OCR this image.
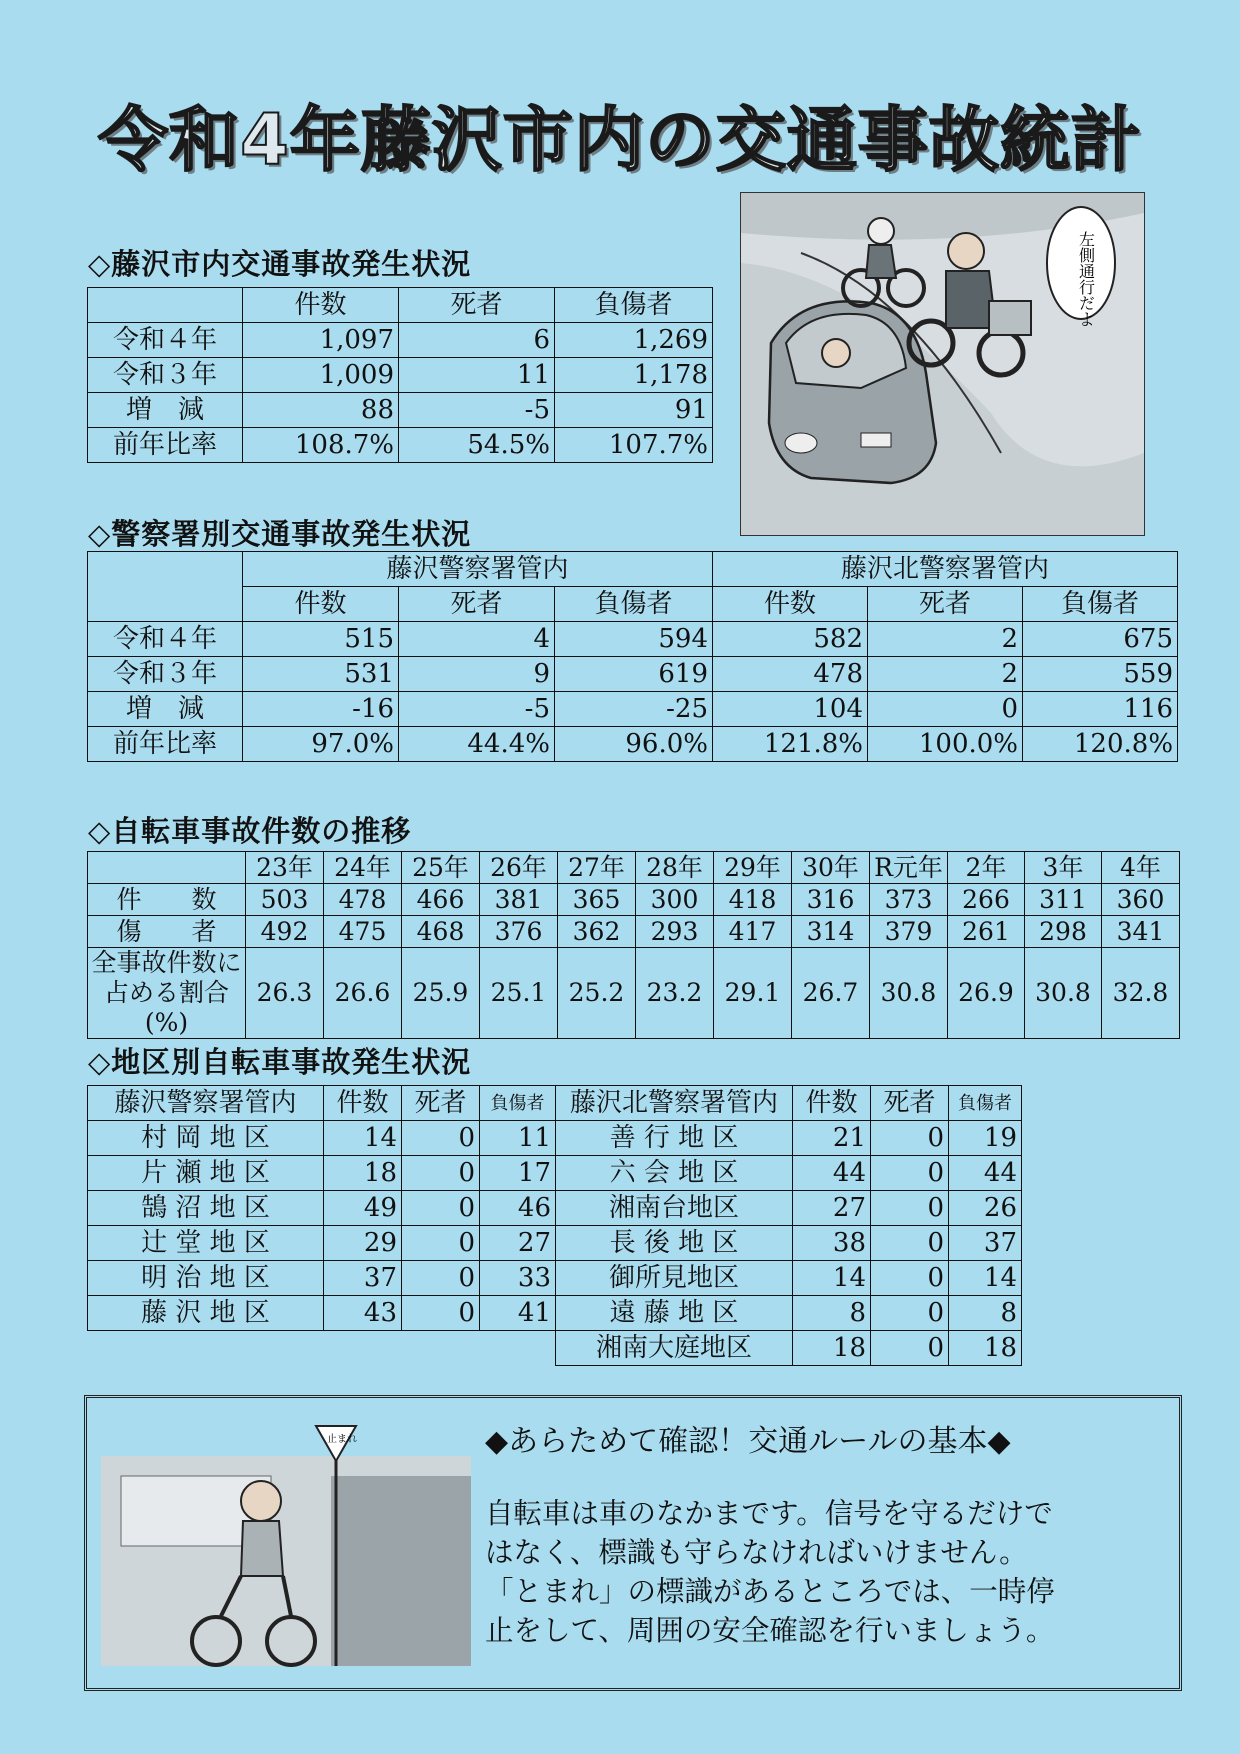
令和4年藤沢市内の交通事故統計
◇藤沢市内交通事故発生状況
	件数	死者	負傷者
令和４年	1,097	6	1,269
令和３年	1,009	11	1,178
増　減	88	-5	91
前年比率	108.7%	54.5%	107.7%
左側通行だよ
◇警察署別交通事故発生状況
	藤沢警察署管内			藤沢北警察署管内		
	件数	死者	負傷者	件数	死者	負傷者
令和４年	515	4	594	582	2	675
令和３年	531	9	619	478	2	559
増　減	-16	-5	-25	104	0	116
前年比率	97.0%	44.4%	96.0%	121.8%	100.0%	120.8%
◇自転車事故件数の推移
	23年	24年	25年	26年	27年	28年	29年	30年	R元年	2年	3年	4年
件　　数	503	478	466	381	365	300	418	316	373	266	311	360
傷　　者	492	475	468	376	362	293	417	314	379	261	298	341
全事故件数に占める割合(%)	26.3	26.6	25.9	25.1	25.2	23.2	29.1	26.7	30.8	26.9	30.8	32.8
◇地区別自転車事故発生状況
藤沢警察署管内	件数	死者	負傷者	藤沢北警察署管内	件数	死者	負傷者
村 岡 地 区	14	0	11	善 行 地 区	21	0	19
片 瀬 地 区	18	0	17	六 会 地 区	44	0	44
鵠 沼 地 区	49	0	46	湘南台地区	27	0	26
辻 堂 地 区	29	0	27	長 後 地 区	38	0	37
明 治 地 区	37	0	33	御所見地区	14	0	14
藤 沢 地 区	43	0	41	遠 藤 地 区	8	0	8
				湘南大庭地区	18	0	18
止まれ	◆あらためて確認！交通ルールの基本◆
自転車は車のなかまです。信号を守るだけで
はなく、標識も守らなければいけません。
「とまれ」の標識があるところでは、一時停
止をして、周囲の安全確認を行いましょう。
